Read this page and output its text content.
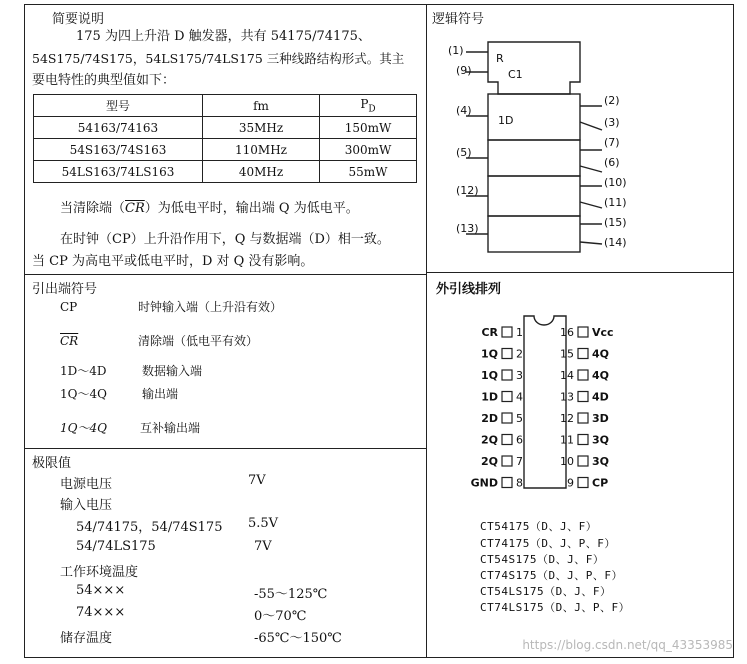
简要说明
175 为四上升沿 D 触发器，共有 54175/74175、
54S175/74S175，54LS175/74LS175 三种线路结构形式。其主
要电特性的典型值如下：
型号	fm	$P_D$
54163/74163	35MHz	150mW
54S163/74S163	110MHz	300mW
54LS163/74LS163	40MHz	55mW
当清除端$(\overline{CR})$为低电平时，输出端 Q 为低电平。
在时钟（CP）上升沿作用下，Q 与数据端（D）相一致。
当 CP 为高电平或低电平时，D 对 Q 没有影响。
逻辑符号
(1)
(9)
(4)
(5)
(12)
(13)
R
C1
1D
(2)
(3)
(7)
(6)
(10)
(11)
(15)
(14)
引出端符号
CP	时钟输入端（上升沿有效）
$\overline{CR}$	清除端（低电平有效）
1D～4D	数据输入端
1Q～4Q	输出端
1Q～4Q	互补输出端
极限值
电源电压	7V
输入电压
54/74175，54/74S175 5.5V
54/74LS175	7V
工作环境温度
54×××	-55～125℃
74×××	0～70℃
储存温度	-65℃～150℃
外引线排列
1
CR
2
1Q
3
1Q
4
1D
5
2D
6
2Q
7
2Q
8
GND
16 Vcc
15 4Q
14 4Q
13 4D
12 3D
11 3Q
10 3Q
9 CP
CT54175（D、J、F）
CT74175（D、J、P、F）
CT54S175（D、J、F）
CT74S175（D、J、P、F）
CT54LS175（D、J、F）
CT74LS175（D、J、P、F）
https://blog.csdn.net/qq_43353985
